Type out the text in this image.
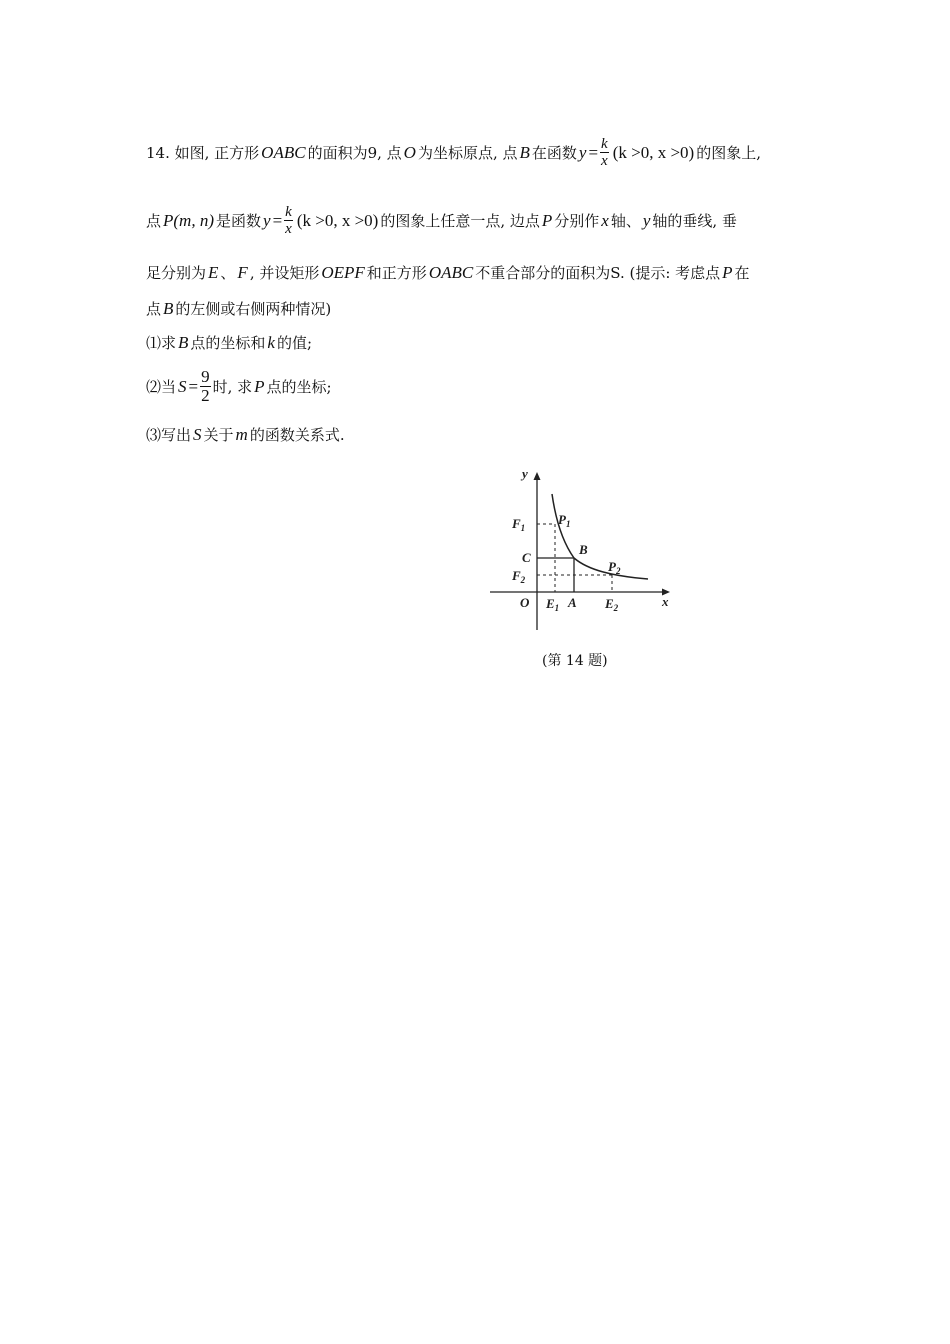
14. 如图, 正方形 OABC 的面积为9, 点 O 为坐标原点, 点 B 在函数 $y = \frac{k}{x} (k >0$, x >0) 的图象上,
点 P(m, n) 是函数 $y = \frac{k}{x} (k >0$, x >0) 的图象上任意一点, 边点 P 分别作 x 轴、 y 轴的垂线, 垂
足分别为 E 、 F , 并设矩形 OEPF 和正方形 OABC 不重合部分的面积为S. (提示: 考虑点 P 在
点 B 的左侧或右侧两种情况)
⑴求 B 点的坐标和 k 的值;
⑵当 $S = \frac{9}{2}$ 时, 求 P 点的坐标;
⑶写出 S 关于 m 的函数关系式.
y
x
O
$F_1$
C
$F_2$
$P_1$
B
$P_2$
$E_1$ A $E_2$
(第 14 题)
